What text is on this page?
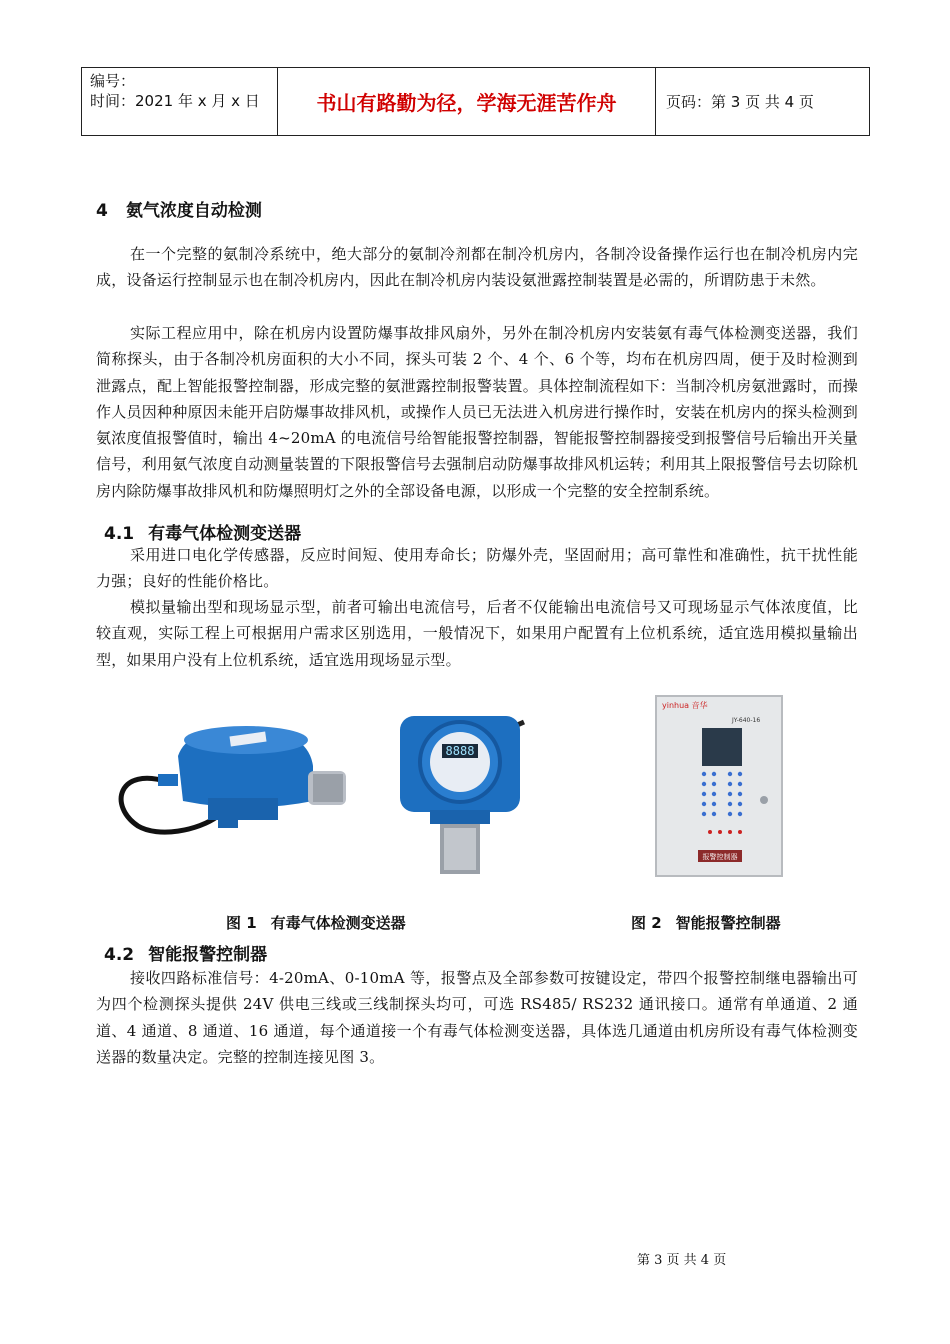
编号：
时间：2021 年 x 月 x 日	书山有路勤为径，学海无涯苦作舟	页码：第 3 页 共 4 页
4 氨气浓度自动检测

在一个完整的氨制冷系统中，绝大部分的氨制冷剂都在制冷机房内，各制冷设备操作运行也在制冷机房内完成，设备运行控制显示也在制冷机房内，因此在制冷机房内装设氨泄露控制装置是必需的，所谓防患于未然。

实际工程应用中，除在机房内设置防爆事故排风扇外，另外在制冷机房内安装氨有毒气体检测变送器，我们简称探头，由于各制冷机房面积的大小不同，探头可装 2 个、4 个、6 个等，均布在机房四周，便于及时检测到泄露点，配上智能报警控制器，形成完整的氨泄露控制报警装置。具体控制流程如下：当制冷机房氨泄露时，而操作人员因种种原因未能开启防爆事故排风机，或操作人员已无法进入机房进行操作时，安装在机房内的探头检测到氨浓度值报警值时，输出 4~20mA 的电流信号给智能报警控制器，智能报警控制器接受到报警信号后输出开关量信号，利用氨气浓度自动测量装置的下限报警信号去强制启动防爆事故排风机运转；利用其上限报警信号去切除机房内除防爆事故排风机和防爆照明灯之外的全部设备电源，以形成一个完整的安全控制系统。

4.1 有毒气体检测变送器

采用进口电化学传感器，反应时间短、使用寿命长；防爆外壳，坚固耐用；高可靠性和准确性，抗干扰性能力强；良好的性能价格比。

模拟量输出型和现场显示型，前者可输出电流信号，后者不仅能输出电流信号又可现场显示气体浓度值，比较直观，实际工程上可根据用户需求区别选用，一般情况下，如果用户配置有上位机系统，适宜选用模拟量输出型，如果用户没有上位机系统，适宜选用现场显示型。

8888
yinhua 音华
JY-640-16
报警控制器
图 1 有毒气体检测变送器	图 2 智能报警控制器
4.2 智能报警控制器

接收四路标准信号：4-20mA、0-10mA 等，报警点及全部参数可按键设定，带四个报警控制继电器输出可为四个检测探头提供 24V 供电三线或三线制探头均可，可选 RS485/ RS232 通讯接口。通常有单通道、2 通道、4 通道、8 通道、16 通道，每个通道接一个有毒气体检测变送器，具体选几通道由机房所设有毒气体检测变送器的数量决定。完整的控制连接见图 3。

第 3 页 共 4 页
